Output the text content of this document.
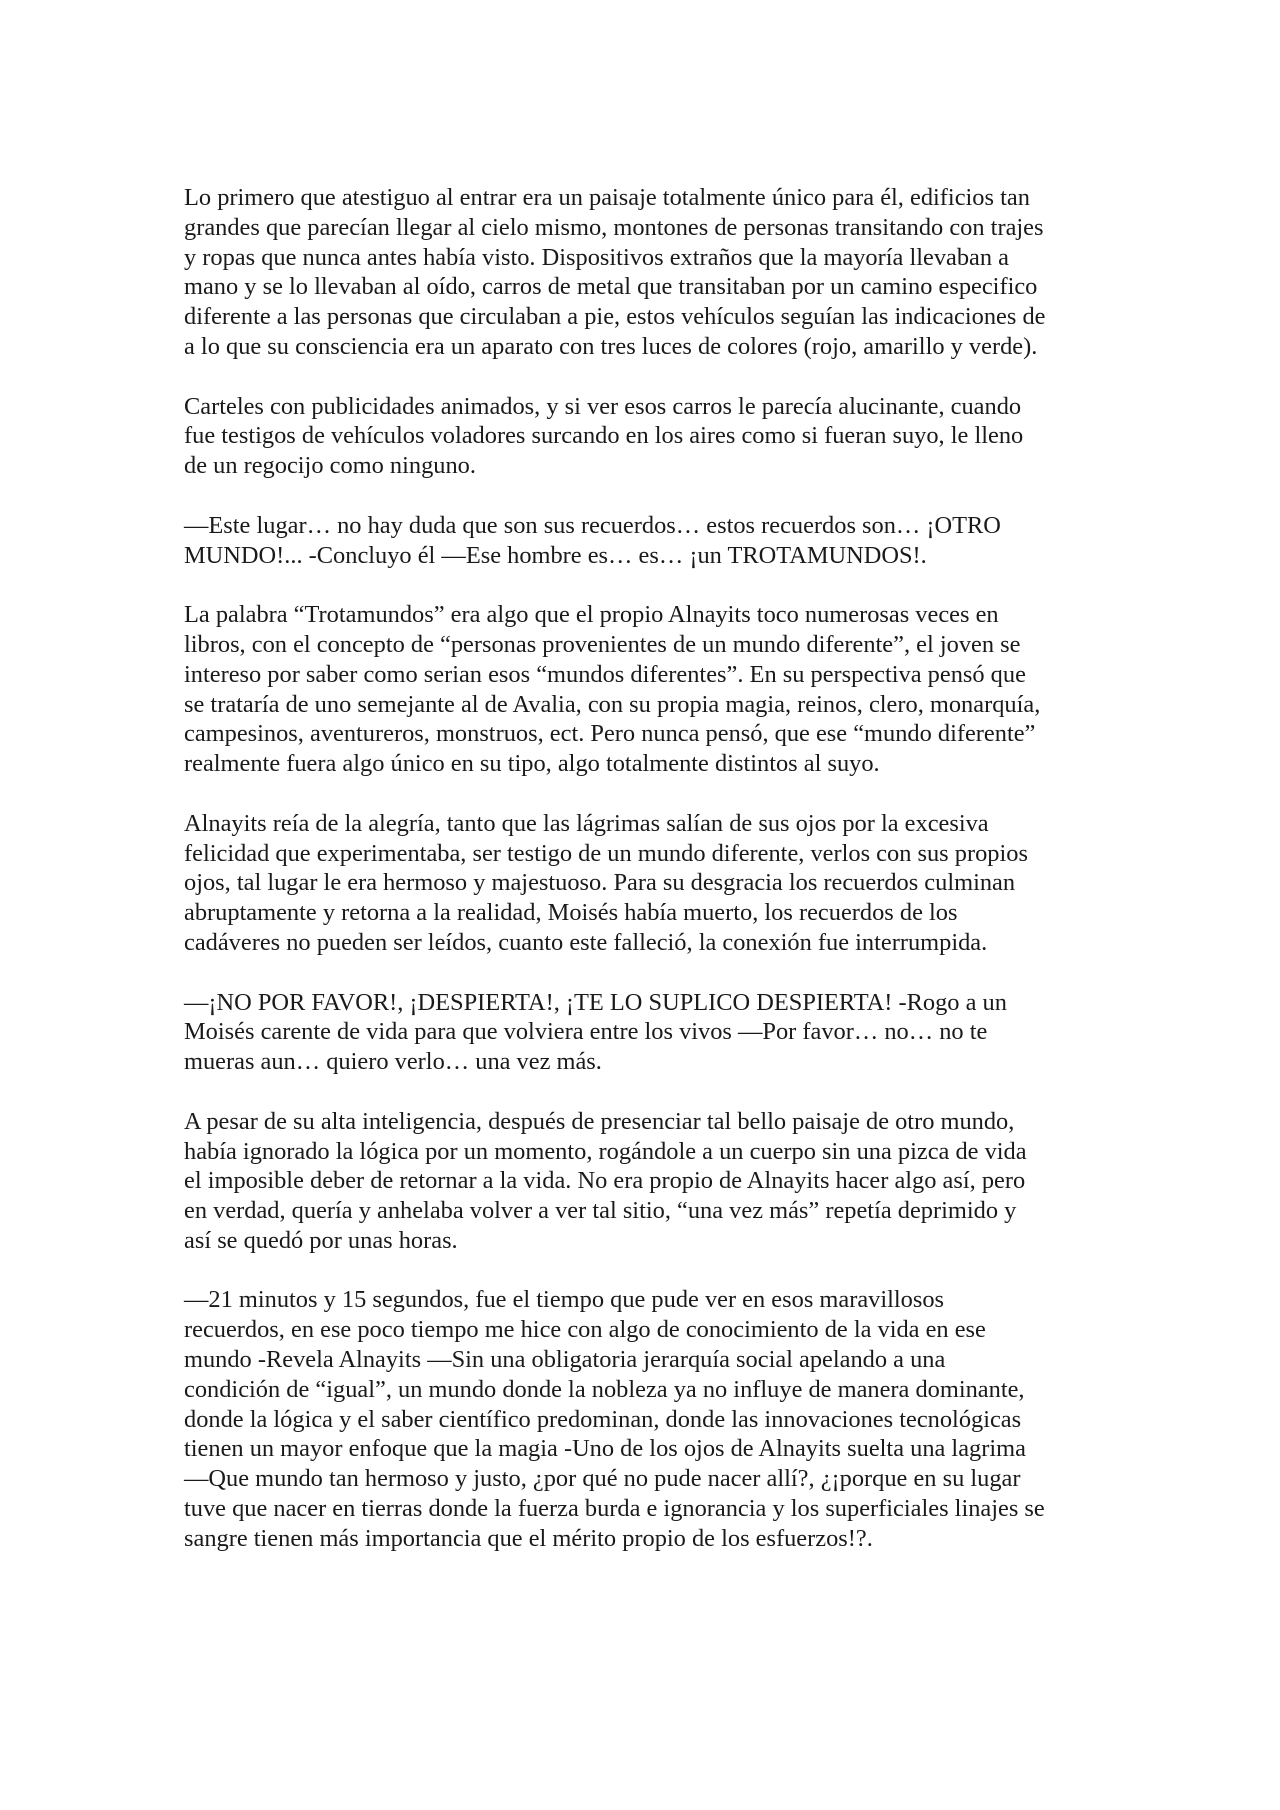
Lo primero que atestiguo al entrar era un paisaje totalmente único para él, edificios tan
grandes que parecían llegar al cielo mismo, montones de personas transitando con trajes
y ropas que nunca antes había visto. Dispositivos extraños que la mayoría llevaban a
mano y se lo llevaban al oído, carros de metal que transitaban por un camino especifico
diferente a las personas que circulaban a pie, estos vehículos seguían las indicaciones de
a lo que su consciencia era un aparato con tres luces de colores (rojo, amarillo y verde).

Carteles con publicidades animados, y si ver esos carros le parecía alucinante, cuando
fue testigos de vehículos voladores surcando en los aires como si fueran suyo, le lleno
de un regocijo como ninguno.

—Este lugar… no hay duda que son sus recuerdos… estos recuerdos son… ¡OTRO
MUNDO!... -Concluyo él —Ese hombre es… es… ¡un TROTAMUNDOS!.

La palabra “Trotamundos” era algo que el propio Alnayits toco numerosas veces en
libros, con el concepto de “personas provenientes de un mundo diferente”, el joven se
intereso por saber como serian esos “mundos diferentes”. En su perspectiva pensó que
se trataría de uno semejante al de Avalia, con su propia magia, reinos, clero, monarquía,
campesinos, aventureros, monstruos, ect. Pero nunca pensó, que ese “mundo diferente”
realmente fuera algo único en su tipo, algo totalmente distintos al suyo.

Alnayits reía de la alegría, tanto que las lágrimas salían de sus ojos por la excesiva
felicidad que experimentaba, ser testigo de un mundo diferente, verlos con sus propios
ojos, tal lugar le era hermoso y majestuoso. Para su desgracia los recuerdos culminan
abruptamente y retorna a la realidad, Moisés había muerto, los recuerdos de los
cadáveres no pueden ser leídos, cuanto este falleció, la conexión fue interrumpida.

—¡NO POR FAVOR!, ¡DESPIERTA!, ¡TE LO SUPLICO DESPIERTA! -Rogo a un
Moisés carente de vida para que volviera entre los vivos —Por favor… no… no te
mueras aun… quiero verlo… una vez más.

A pesar de su alta inteligencia, después de presenciar tal bello paisaje de otro mundo,
había ignorado la lógica por un momento, rogándole a un cuerpo sin una pizca de vida
el imposible deber de retornar a la vida. No era propio de Alnayits hacer algo así, pero
en verdad, quería y anhelaba volver a ver tal sitio, “una vez más” repetía deprimido y
así se quedó por unas horas.

—21 minutos y 15 segundos, fue el tiempo que pude ver en esos maravillosos
recuerdos, en ese poco tiempo me hice con algo de conocimiento de la vida en ese
mundo -Revela Alnayits —Sin una obligatoria jerarquía social apelando a una
condición de “igual”, un mundo donde la nobleza ya no influye de manera dominante,
donde la lógica y el saber científico predominan, donde las innovaciones tecnológicas
tienen un mayor enfoque que la magia -Uno de los ojos de Alnayits suelta una lagrima
—Que mundo tan hermoso y justo, ¿por qué no pude nacer allí?, ¿¡porque en su lugar
tuve que nacer en tierras donde la fuerza burda e ignorancia y los superficiales linajes se
sangre tienen más importancia que el mérito propio de los esfuerzos!?.
